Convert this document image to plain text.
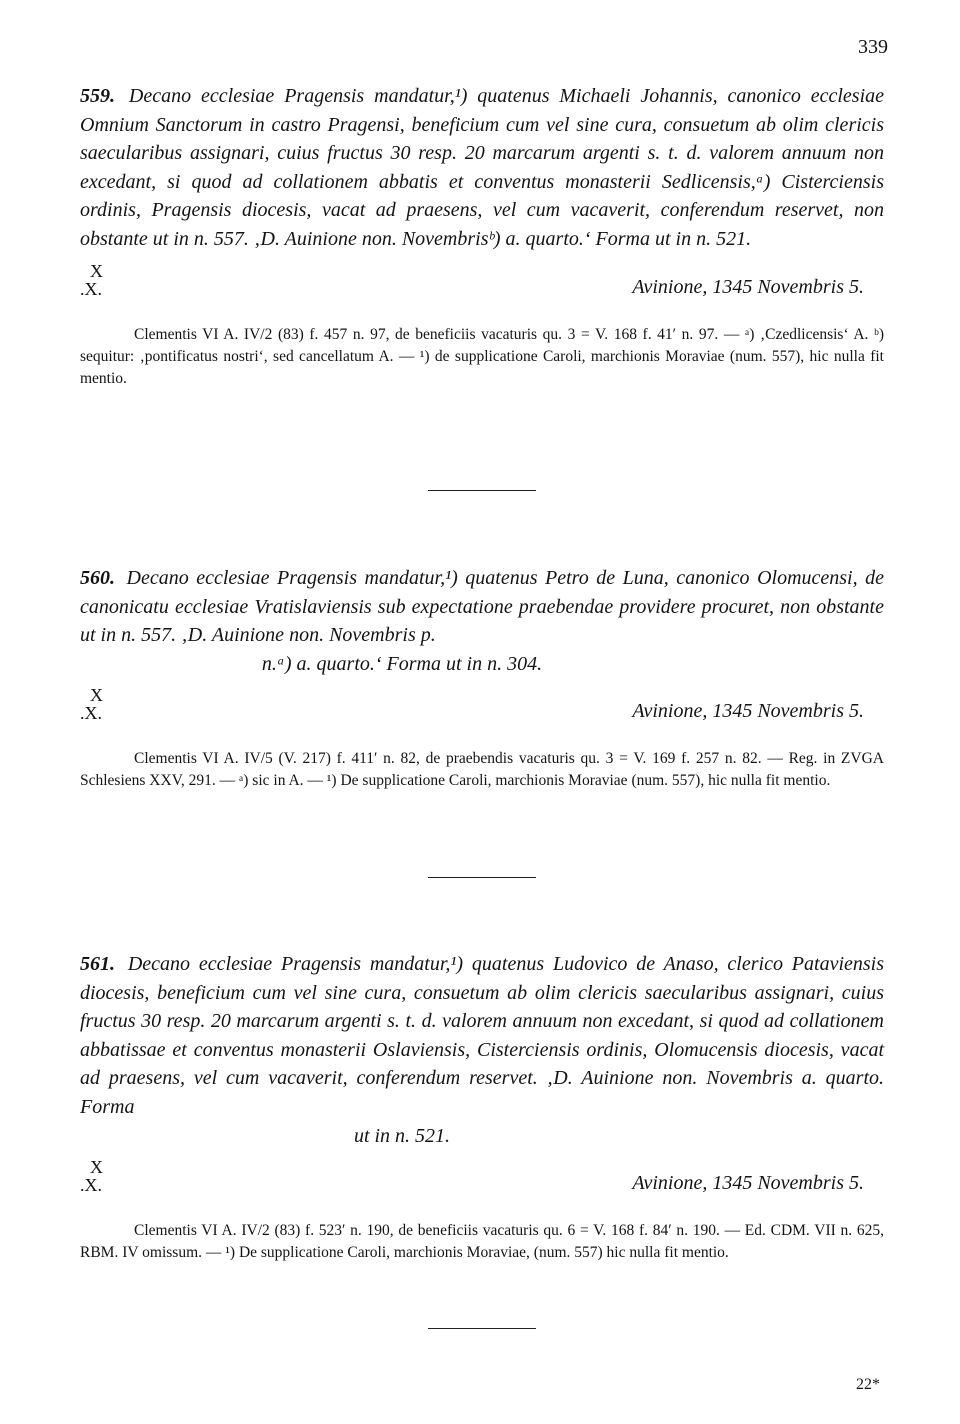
339
559. Decano ecclesiae Pragensis mandatur,¹) quatenus Michaeli Johannis, canonico ecclesiae Omnium Sanctorum in castro Pragensi, beneficium cum vel sine cura, consuetum ab olim clericis saecularibus assignari, cuius fructus 30 resp. 20 marcarum argenti s. t. d. valorem annuum non excedant, si quod ad collationem abbatis et conventus monasterii Sedlicensis,ᵃ) Cisterciensis ordinis, Pragensis diocesis, vacat ad praesens, vel cum vacaverit, conferendum reservet, non obstante ut in n. 557. ‚D. Auinione non. Novembrisᵇ) a. quarto.‘ Forma ut in n. 521.
X
.X.	Avinione, 1345 Novembris 5.
Clementis VI A. IV/2 (83) f. 457 n. 97, de beneficiis vacaturis qu. 3 = V. 168 f. 41′ n. 97. — ᵃ) ‚Czedlicensis‘ A. ᵇ) sequitur: ‚pontificatus nostri‘, sed cancellatum A. — ¹) de supplicatione Caroli, marchionis Moraviae (num. 557), hic nulla fit mentio.
560. Decano ecclesiae Pragensis mandatur,¹) quatenus Petro de Luna, canonico Olomucensi, de canonicatu ecclesiae Vratislaviensis sub expectatione praebendae providere procuret, non obstante ut in n. 557. ‚D. Auinione non. Novembris p.
n.ᵃ) a. quarto.‘ Forma ut in n. 304.
X
.X.	Avinione, 1345 Novembris 5.
Clementis VI A. IV/5 (V. 217) f. 411′ n. 82, de praebendis vacaturis qu. 3 = V. 169 f. 257 n. 82. — Reg. in ZVGA Schlesiens XXV, 291. — ᵃ) sic in A. — ¹) De supplicatione Caroli, marchionis Moraviae (num. 557), hic nulla fit mentio.
561. Decano ecclesiae Pragensis mandatur,¹) quatenus Ludovico de Anaso, clerico Pataviensis diocesis, beneficium cum vel sine cura, consuetum ab olim clericis saecularibus assignari, cuius fructus 30 resp. 20 marcarum argenti s. t. d. valorem annuum non excedant, si quod ad collationem abbatissae et conventus monasterii Oslaviensis, Cisterciensis ordinis, Olomucensis diocesis, vacat ad praesens, vel cum vacaverit, conferendum reservet. ‚D. Auinione non. Novembris a. quarto. Forma
ut in n. 521.
X
.X.	Avinione, 1345 Novembris 5.
Clementis VI A. IV/2 (83) f. 523′ n. 190, de beneficiis vacaturis qu. 6 = V. 168 f. 84′ n. 190. — Ed. CDM. VII n. 625, RBM. IV omissum. — ¹) De supplicatione Caroli, marchionis Moraviae, (num. 557) hic nulla fit mentio.
22*
